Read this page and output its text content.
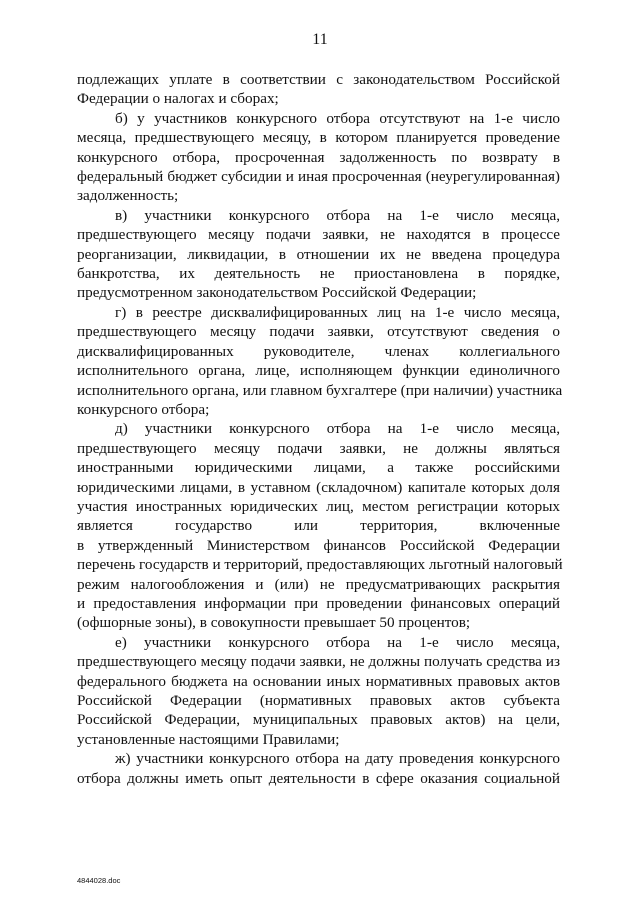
11
подлежащих уплате в соответствии с законодательством Российской
Федерации о налогах и сборах;
б) у участников конкурсного отбора отсутствуют на 1-е число
месяца, предшествующего месяцу, в котором планируется проведение
конкурсного отбора, просроченная задолженность по возврату в
федеральный бюджет субсидии и иная просроченная (неурегулированная)
задолженность;
в) участники конкурсного отбора на 1-е число месяца,
предшествующего месяцу подачи заявки, не находятся в процессе
реорганизации, ликвидации, в отношении их не введена процедура
банкротства, их деятельность не приостановлена в порядке,
предусмотренном законодательством Российской Федерации;
г) в реестре дисквалифицированных лиц на 1-е число месяца,
предшествующего месяцу подачи заявки, отсутствуют сведения о
дисквалифицированных руководителе, членах коллегиального
исполнительного органа, лице, исполняющем функции единоличного
исполнительного органа, или главном бухгалтере (при наличии) участника
конкурсного отбора;
д) участники конкурсного отбора на 1-е число месяца,
предшествующего месяцу подачи заявки, не должны являться
иностранными юридическими лицами, а также российскими
юридическими лицами, в уставном (складочном) капитале которых доля
участия иностранных юридических лиц, местом регистрации которых
является государство или территория, включенные
в утвержденный Министерством финансов Российской Федерации
перечень государств и территорий, предоставляющих льготный налоговый
режим налогообложения и (или) не предусматривающих раскрытия
и предоставления информации при проведении финансовых операций
(офшорные зоны), в совокупности превышает 50 процентов;
е) участники конкурсного отбора на 1-е число месяца,
предшествующего месяцу подачи заявки, не должны получать средства из
федерального бюджета на основании иных нормативных правовых актов
Российской Федерации (нормативных правовых актов субъекта
Российской Федерации, муниципальных правовых актов) на цели,
установленные настоящими Правилами;
ж) участники конкурсного отбора на дату проведения конкурсного
отбора должны иметь опыт деятельности в сфере оказания социальной
4844028.doc
